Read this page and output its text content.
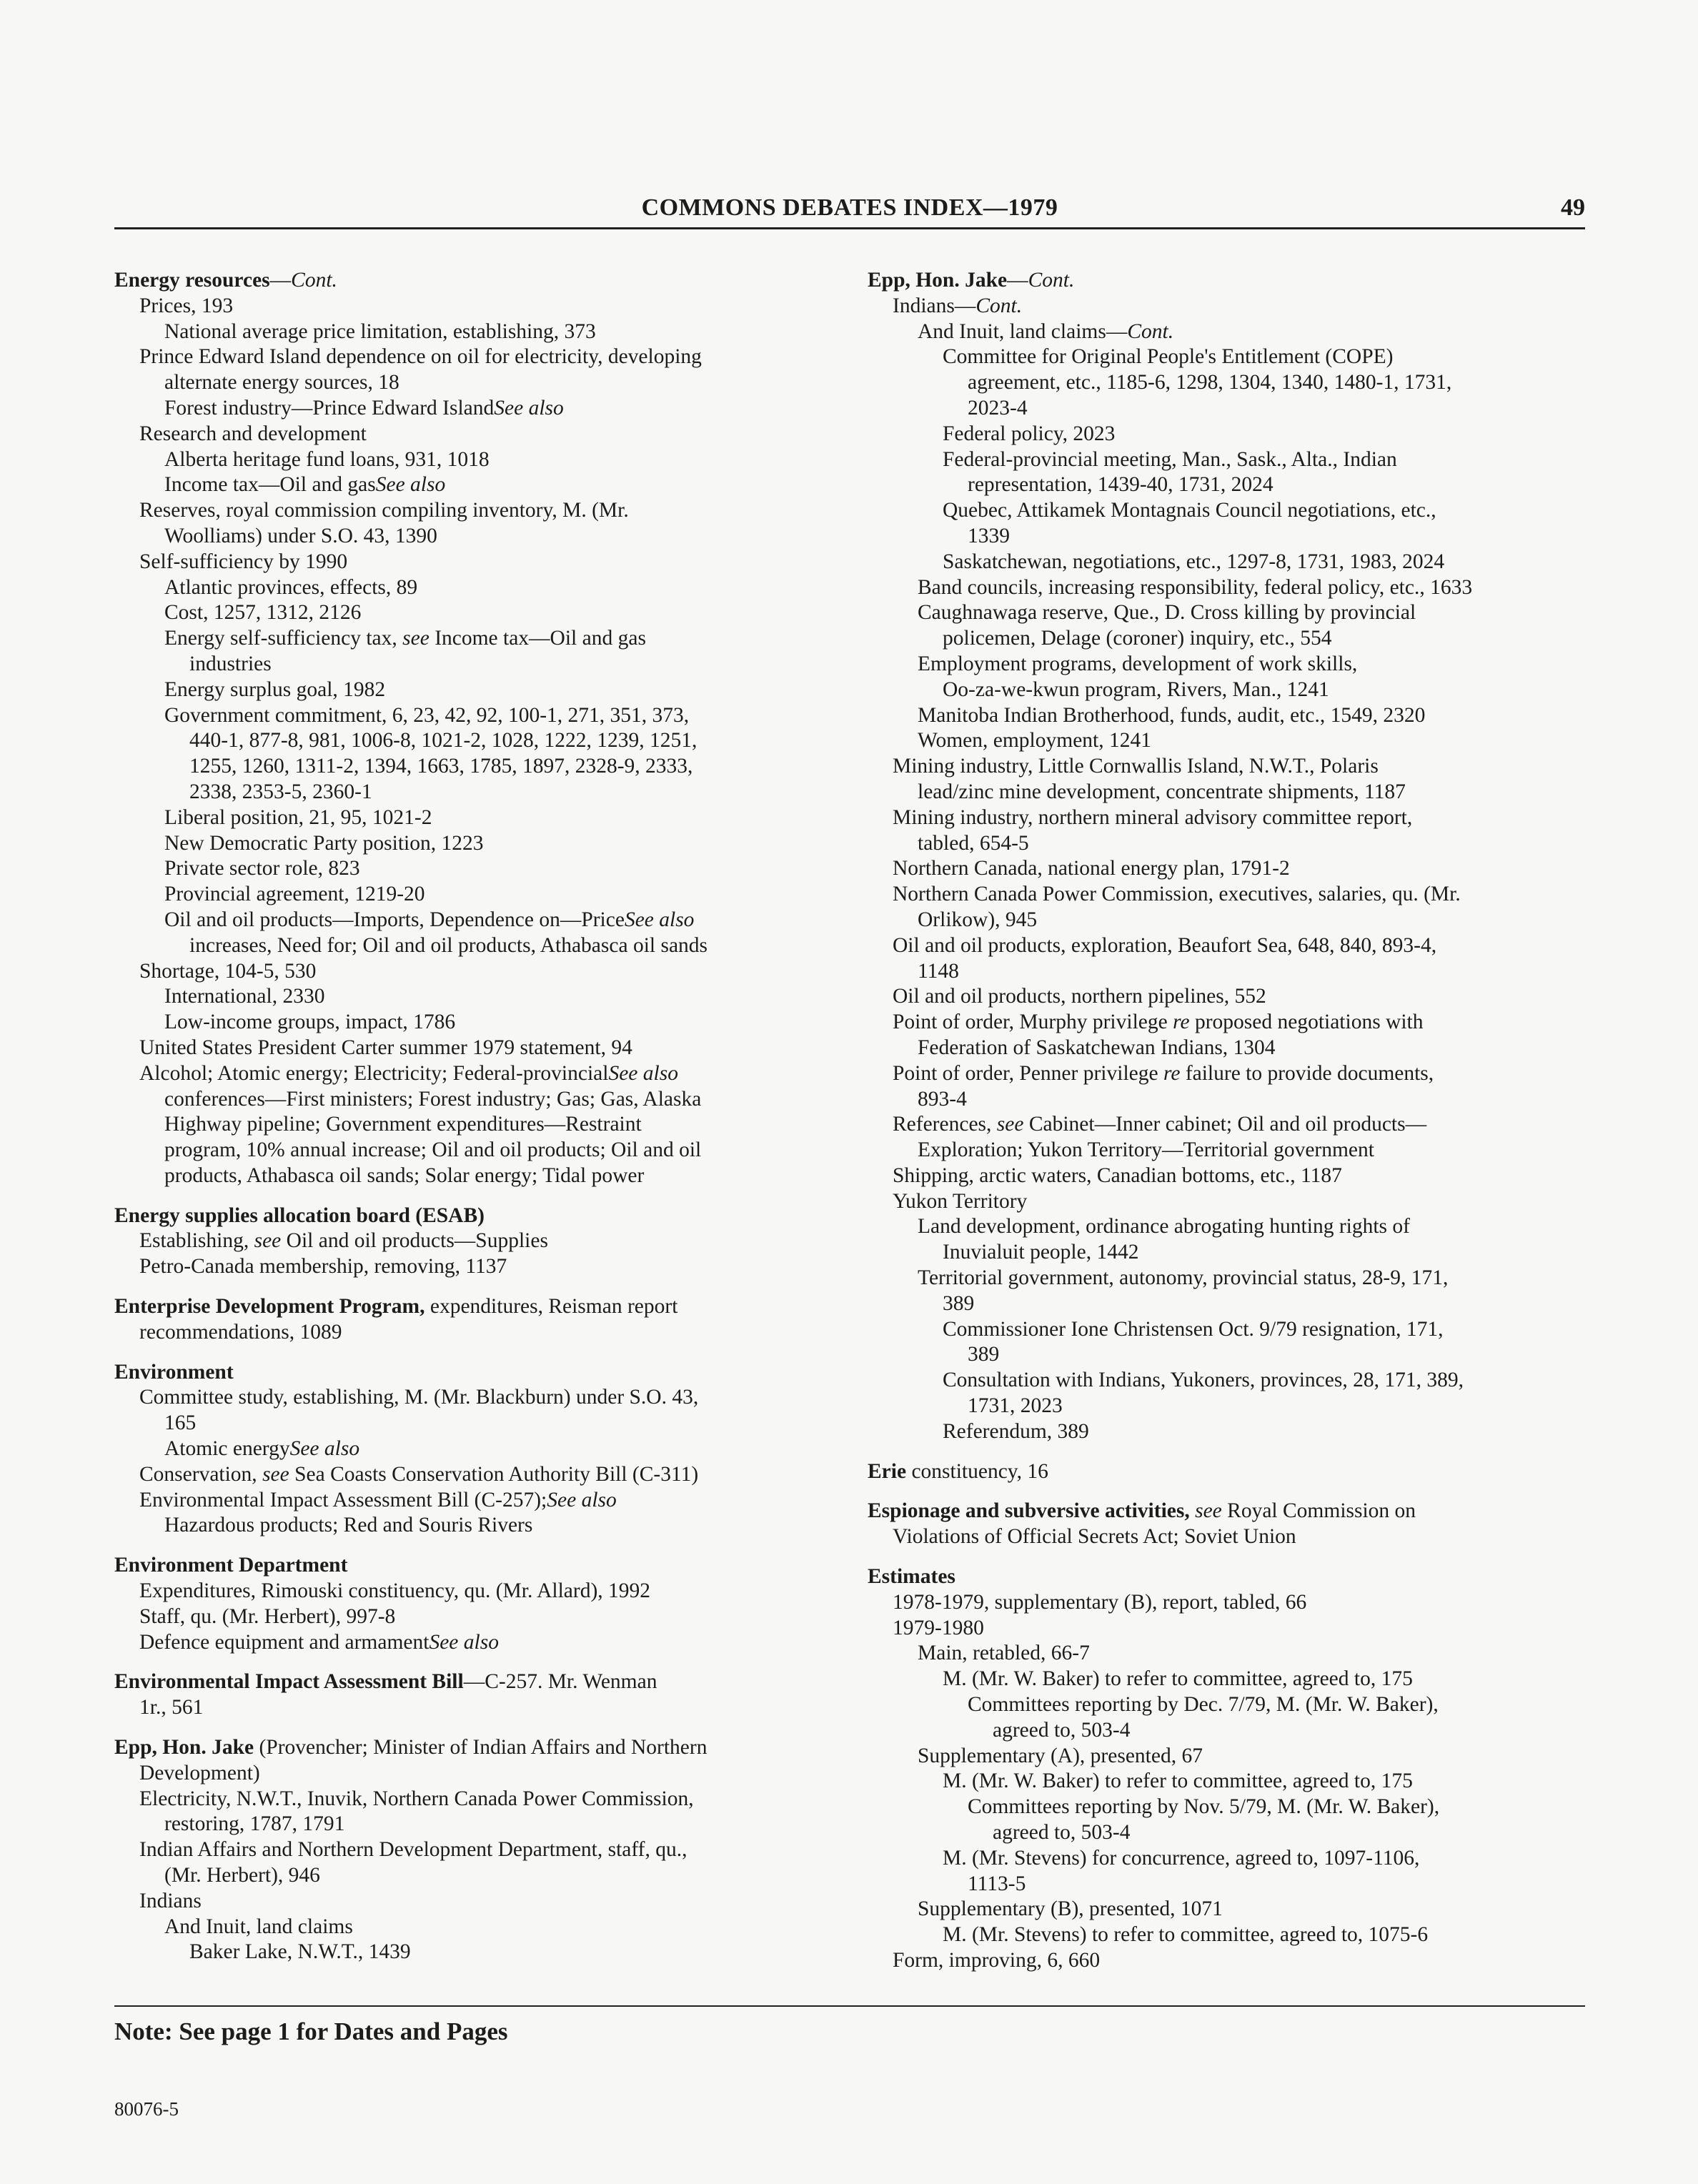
COMMONS DEBATES INDEX—1979	49
Energy resources—Cont.
Prices, 193
National average price limitation, establishing, 373
Prince Edward Island dependence on oil for electricity, developing
alternate energy sources, 18
Forest industry—Prince Edward IslandSee also
Research and development
Alberta heritage fund loans, 931, 1018
Income tax—Oil and gasSee also
Reserves, royal commission compiling inventory, M. (Mr.
Woolliams) under S.O. 43, 1390
Self-sufficiency by 1990
Atlantic provinces, effects, 89
Cost, 1257, 1312, 2126
Energy self-sufficiency tax, see Income tax—Oil and gas
industries
Energy surplus goal, 1982
Government commitment, 6, 23, 42, 92, 100-1, 271, 351, 373,
440-1, 877-8, 981, 1006-8, 1021-2, 1028, 1222, 1239, 1251,
1255, 1260, 1311-2, 1394, 1663, 1785, 1897, 2328-9, 2333,
2338, 2353-5, 2360-1
Liberal position, 21, 95, 1021-2
New Democratic Party position, 1223
Private sector role, 823
Provincial agreement, 1219-20
Oil and oil products—Imports, Dependence on—PriceSee also
increases, Need for; Oil and oil products, Athabasca oil sands
Shortage, 104-5, 530
International, 2330
Low-income groups, impact, 1786
United States President Carter summer 1979 statement, 94
Alcohol; Atomic energy; Electricity; Federal-provincialSee also
conferences—First ministers; Forest industry; Gas; Gas, Alaska
Highway pipeline; Government expenditures—Restraint
program, 10% annual increase; Oil and oil products; Oil and oil
products, Athabasca oil sands; Solar energy; Tidal power
Energy supplies allocation board (ESAB)
Establishing, see Oil and oil products—Supplies
Petro-Canada membership, removing, 1137
Enterprise Development Program, expenditures, Reisman report
recommendations, 1089
Environment
Committee study, establishing, M. (Mr. Blackburn) under S.O. 43,
165
Atomic energySee also
Conservation, see Sea Coasts Conservation Authority Bill (C-311)
Environmental Impact Assessment Bill (C-257);See also
Hazardous products; Red and Souris Rivers
Environment Department
Expenditures, Rimouski constituency, qu. (Mr. Allard), 1992
Staff, qu. (Mr. Herbert), 997-8
Defence equipment and armamentSee also
Environmental Impact Assessment Bill—C-257. Mr. Wenman
1r., 561
Epp, Hon. Jake (Provencher; Minister of Indian Affairs and Northern
Development)
Electricity, N.W.T., Inuvik, Northern Canada Power Commission,
restoring, 1787, 1791
Indian Affairs and Northern Development Department, staff, qu.,
(Mr. Herbert), 946
Indians
And Inuit, land claims
Baker Lake, N.W.T., 1439
Epp, Hon. Jake—Cont.
Indians—Cont.
And Inuit, land claims—Cont.
Committee for Original People's Entitlement (COPE)
agreement, etc., 1185-6, 1298, 1304, 1340, 1480-1, 1731,
2023-4
Federal policy, 2023
Federal-provincial meeting, Man., Sask., Alta., Indian
representation, 1439-40, 1731, 2024
Quebec, Attikamek Montagnais Council negotiations, etc.,
1339
Saskatchewan, negotiations, etc., 1297-8, 1731, 1983, 2024
Band councils, increasing responsibility, federal policy, etc., 1633
Caughnawaga reserve, Que., D. Cross killing by provincial
policemen, Delage (coroner) inquiry, etc., 554
Employment programs, development of work skills,
Oo-za-we-kwun program, Rivers, Man., 1241
Manitoba Indian Brotherhood, funds, audit, etc., 1549, 2320
Women, employment, 1241
Mining industry, Little Cornwallis Island, N.W.T., Polaris
lead/zinc mine development, concentrate shipments, 1187
Mining industry, northern mineral advisory committee report,
tabled, 654-5
Northern Canada, national energy plan, 1791-2
Northern Canada Power Commission, executives, salaries, qu. (Mr.
Orlikow), 945
Oil and oil products, exploration, Beaufort Sea, 648, 840, 893-4,
1148
Oil and oil products, northern pipelines, 552
Point of order, Murphy privilege re proposed negotiations with
Federation of Saskatchewan Indians, 1304
Point of order, Penner privilege re failure to provide documents,
893-4
References, see Cabinet—Inner cabinet; Oil and oil products—
Exploration; Yukon Territory—Territorial government
Shipping, arctic waters, Canadian bottoms, etc., 1187
Yukon Territory
Land development, ordinance abrogating hunting rights of
Inuvialuit people, 1442
Territorial government, autonomy, provincial status, 28-9, 171,
389
Commissioner Ione Christensen Oct. 9/79 resignation, 171,
389
Consultation with Indians, Yukoners, provinces, 28, 171, 389,
1731, 2023
Referendum, 389
Erie constituency, 16
Espionage and subversive activities, see Royal Commission on
Violations of Official Secrets Act; Soviet Union
Estimates
1978-1979, supplementary (B), report, tabled, 66
1979-1980
Main, retabled, 66-7
M. (Mr. W. Baker) to refer to committee, agreed to, 175
Committees reporting by Dec. 7/79, M. (Mr. W. Baker),
agreed to, 503-4
Supplementary (A), presented, 67
M. (Mr. W. Baker) to refer to committee, agreed to, 175
Committees reporting by Nov. 5/79, M. (Mr. W. Baker),
agreed to, 503-4
M. (Mr. Stevens) for concurrence, agreed to, 1097-1106,
1113-5
Supplementary (B), presented, 1071
M. (Mr. Stevens) to refer to committee, agreed to, 1075-6
Form, improving, 6, 660
Note: See page 1 for Dates and Pages
80076-5
